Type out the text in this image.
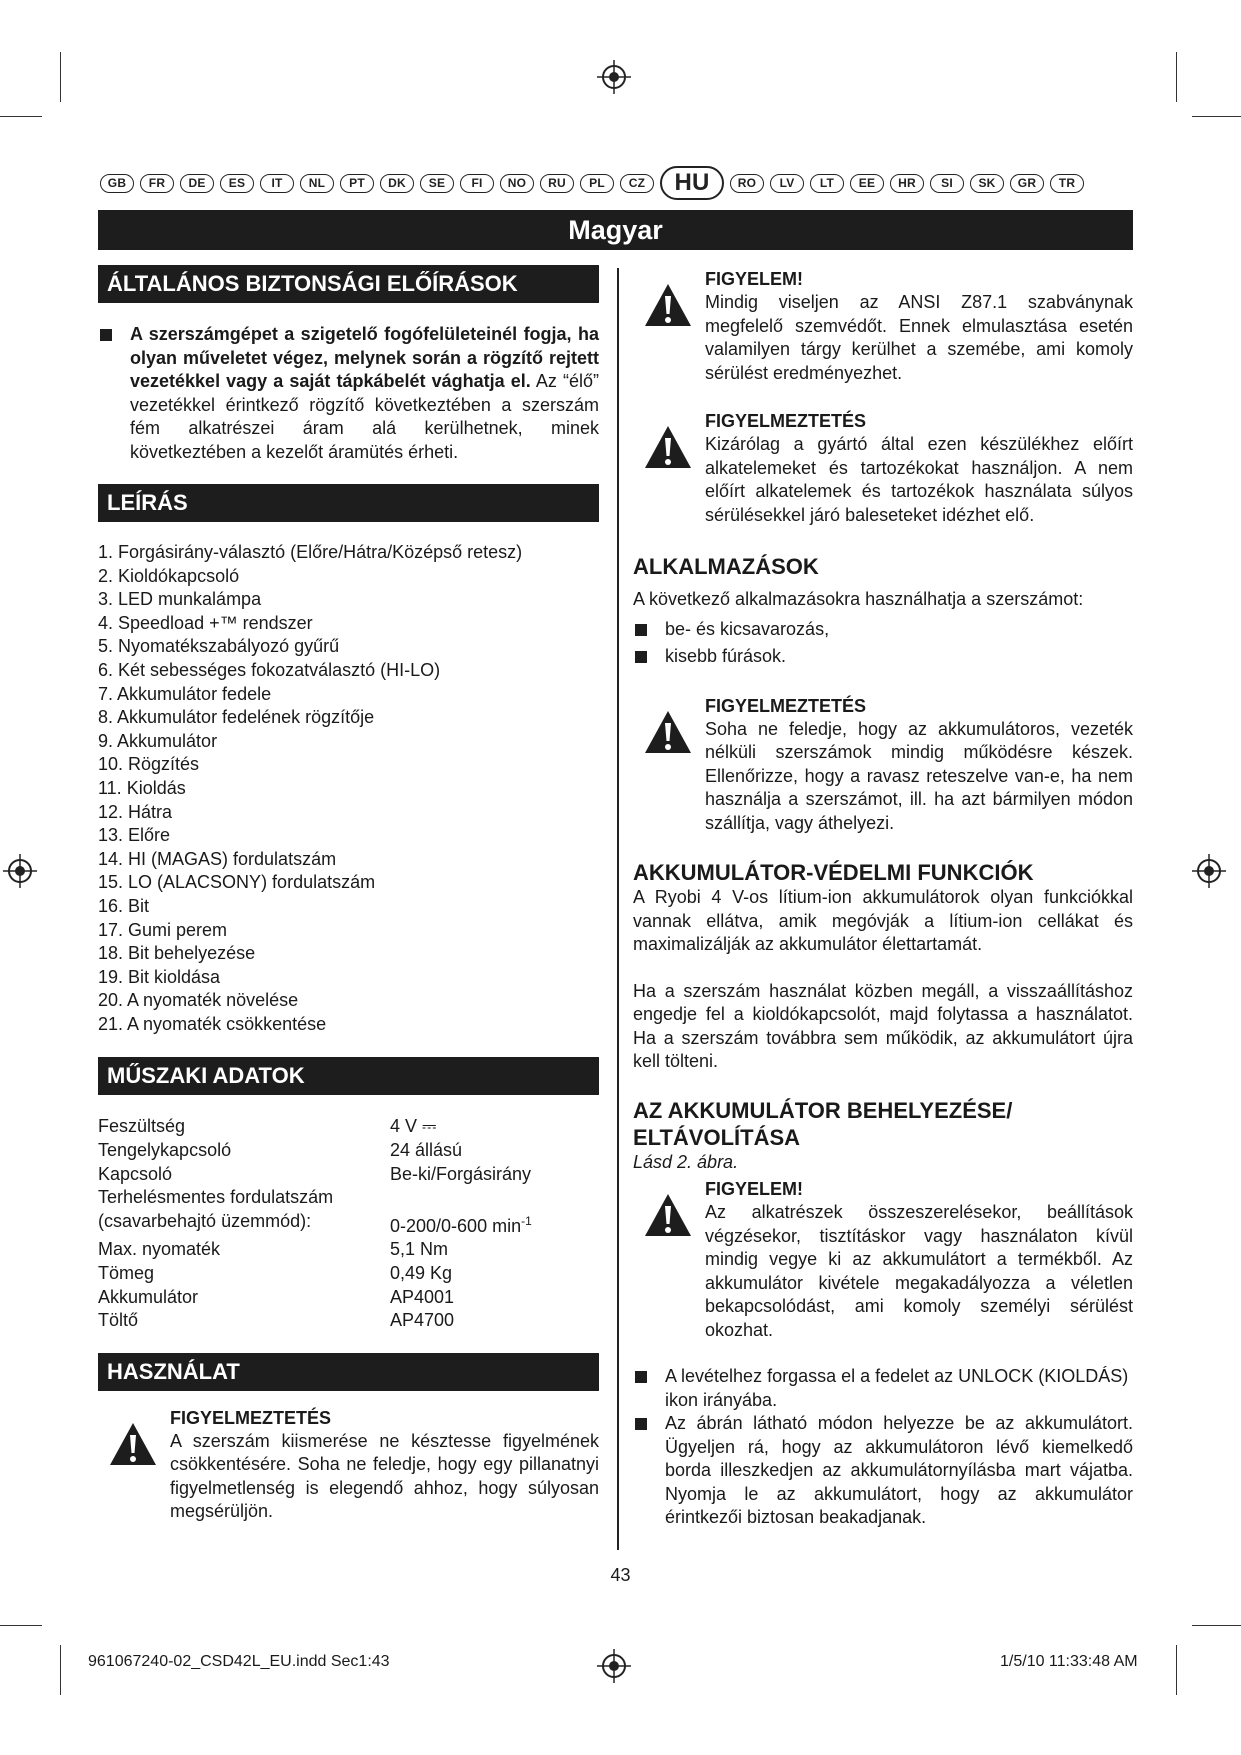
GB	FR	DE	ES	IT	NL	PT	DK	SE	FI	NO	RU	PL	CZ	HU	RO	LV	LT	EE	HR	SI	SK	GR	TR
Magyar
ÁLTALÁNOS BIZTONSÁGI ELŐÍRÁSOK
A szerszámgépet a szigetelő fogófelületeinél fogja, ha olyan műveletet végez, melynek során a rögzítő rejtett vezetékkel vagy a saját tápkábelét vághatja el. Az “élő” vezetékkel érintkező rögzítő következtében a szerszám fém alkatrészei áram alá kerülhetnek, minek következtében a kezelőt áramütés érheti.
LEÍRÁS
1. Forgásirány-választó (Előre/Hátra/Középső retesz)
2. Kioldókapcsoló
3. LED munkalámpa
4. Speedload +™ rendszer
5. Nyomatékszabályozó gyűrű
6. Két sebességes fokozatválasztó (HI-LO)
7. Akkumulátor fedele
8. Akkumulátor fedelének rögzítője
9. Akkumulátor
10. Rögzítés
11. Kioldás
12. Hátra
13. Előre
14. HI (MAGAS) fordulatszám
15. LO (ALACSONY) fordulatszám
16. Bit
17. Gumi perem
18. Bit behelyezése
19. Bit kioldása
20. A nyomaték növelése
21. A nyomaték csökkentése
MŰSZAKI ADATOK
Feszültség	4 V ⎓
Tengelykapcsoló	24 állású
Kapcsoló	Be-ki/Forgásirány
Terhelésmentes fordulatszám
(csavarbehajtó üzemmód):	0-200/0-600 $\min^{-1}$
Max. nyomaték	5,1 Nm
Tömeg	0,49 Kg
Akkumulátor	AP4001
Töltő	AP4700
HASZNÁLAT
FIGYELMEZTETÉS
A szerszám kiismerése ne késztesse figyelmének csökkentésére. Soha ne feledje, hogy egy pillanatnyi figyelmetlenség is elegendő ahhoz, hogy súlyosan megsérüljön.
FIGYELEM!
Mindig viseljen az ANSI Z87.1 szabványnak megfelelő szemvédőt. Ennek elmulasztása esetén valamilyen tárgy kerülhet a szemébe, ami komoly sérülést eredményezhet.
FIGYELMEZTETÉS
Kizárólag a gyártó által ezen készülékhez előírt alkatelemeket és tartozékokat használjon. A nem előírt alkatelemek és tartozékok használata súlyos sérülésekkel járó baleseteket idézhet elő.
ALKALMAZÁSOK
A következő alkalmazásokra használhatja a szerszámot:
be- és kicsavarozás,
kisebb fúrások.
FIGYELMEZTETÉS
Soha ne feledje, hogy az akkumulátoros, vezeték nélküli szerszámok mindig működésre készek. Ellenőrizze, hogy a ravasz reteszelve van-e, ha nem használja a szerszámot, ill. ha azt bármilyen módon szállítja, vagy áthelyezi.
AKKUMULÁTOR-VÉDELMI FUNKCIÓK
A Ryobi 4 V-os lítium-ion akkumulátorok olyan funkciókkal vannak ellátva, amik megóvják a lítium-ion cellákat és maximalizálják az akkumulátor élettartamát.
Ha a szerszám használat közben megáll, a visszaállításhoz engedje fel a kioldókapcsolót, majd folytassa a használatot. Ha a szerszám továbbra sem működik, az akkumulátort újra kell tölteni.
AZ AKKUMULÁTOR BEHELYEZÉSE/
ELTÁVOLÍTÁSA
Lásd 2. ábra.
FIGYELEM!
Az alkatrészek összeszerelésekor, beállítások végzésekor, tisztításkor vagy használaton kívül mindig vegye ki az akkumulátort a termékből. Az akkumulátor kivétele megakadályozza a véletlen bekapcsolódást, ami komoly személyi sérülést okozhat.
A levételhez forgassa el a fedelet az UNLOCK (KIOLDÁS) ikon irányába.
Az ábrán látható módon helyezze be az akkumulátort. Ügyeljen rá, hogy az akkumulátoron lévő kiemelkedő borda illeszkedjen az akkumulátornyílásba mart vájatba. Nyomja le az akkumulátort, hogy az akkumulátor érintkezői biztosan beakadjanak.
43
961067240-02_CSD42L_EU.indd Sec1:43	1/5/10 11:33:48 AM
